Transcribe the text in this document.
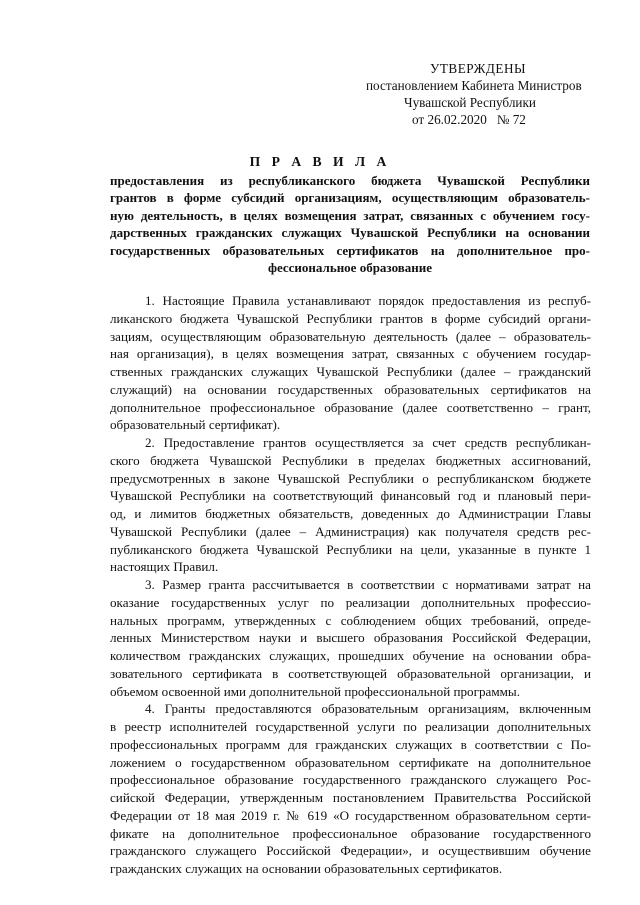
УТВЕРЖДЕНЫ
постановлением Кабинета Министров
Чувашской Республики
от 26.02.2020 № 72
П Р А В И Л А
предоставления из республиканского бюджета Чувашской Республики
грантов в форме субсидий организациям, осуществляющим образователь-
ную деятельность, в целях возмещения затрат, связанных с обучением госу-
дарственных гражданских служащих Чувашской Республики на основании
государственных образовательных сертификатов на дополнительное про-
фессиональное образование
1. Настоящие Правила устанавливают порядок предоставления из респуб-
ликанского бюджета Чувашской Республики грантов в форме субсидий органи-
зациям, осуществляющим образовательную деятельность (далее – образователь-
ная организация), в целях возмещения затрат, связанных с обучением государ-
ственных гражданских служащих Чувашской Республики (далее – гражданский
служащий) на основании государственных образовательных сертификатов на
дополнительное профессиональное образование (далее соответственно – грант,
образовательный сертификат).
2. Предоставление грантов осуществляется за счет средств республикан-
ского бюджета Чувашской Республики в пределах бюджетных ассигнований,
предусмотренных в законе Чувашской Республики о республиканском бюджете
Чувашской Республики на соответствующий финансовый год и плановый пери-
од, и лимитов бюджетных обязательств, доведенных до Администрации Главы
Чувашской Республики (далее – Администрация) как получателя средств рес-
публиканского бюджета Чувашской Республики на цели, указанные в пункте 1
настоящих Правил.
3. Размер гранта рассчитывается в соответствии с нормативами затрат на
оказание государственных услуг по реализации дополнительных профессио-
нальных программ, утвержденных с соблюдением общих требований, опреде-
ленных Министерством науки и высшего образования Российской Федерации,
количеством гражданских служащих, прошедших обучение на основании обра-
зовательного сертификата в соответствующей образовательной организации, и
объемом освоенной ими дополнительной профессиональной программы.
4. Гранты предоставляются образовательным организациям, включенным
в реестр исполнителей государственной услуги по реализации дополнительных
профессиональных программ для гражданских служащих в соответствии с По-
ложением о государственном образовательном сертификате на дополнительное
профессиональное образование государственного гражданского служащего Рос-
сийской Федерации, утвержденным постановлением Правительства Российской
Федерации от 18 мая 2019 г. № 619 «О государственном образовательном серти-
фикате на дополнительное профессиональное образование государственного
гражданского служащего Российской Федерации», и осуществившим обучение
гражданских служащих на основании образовательных сертификатов.
